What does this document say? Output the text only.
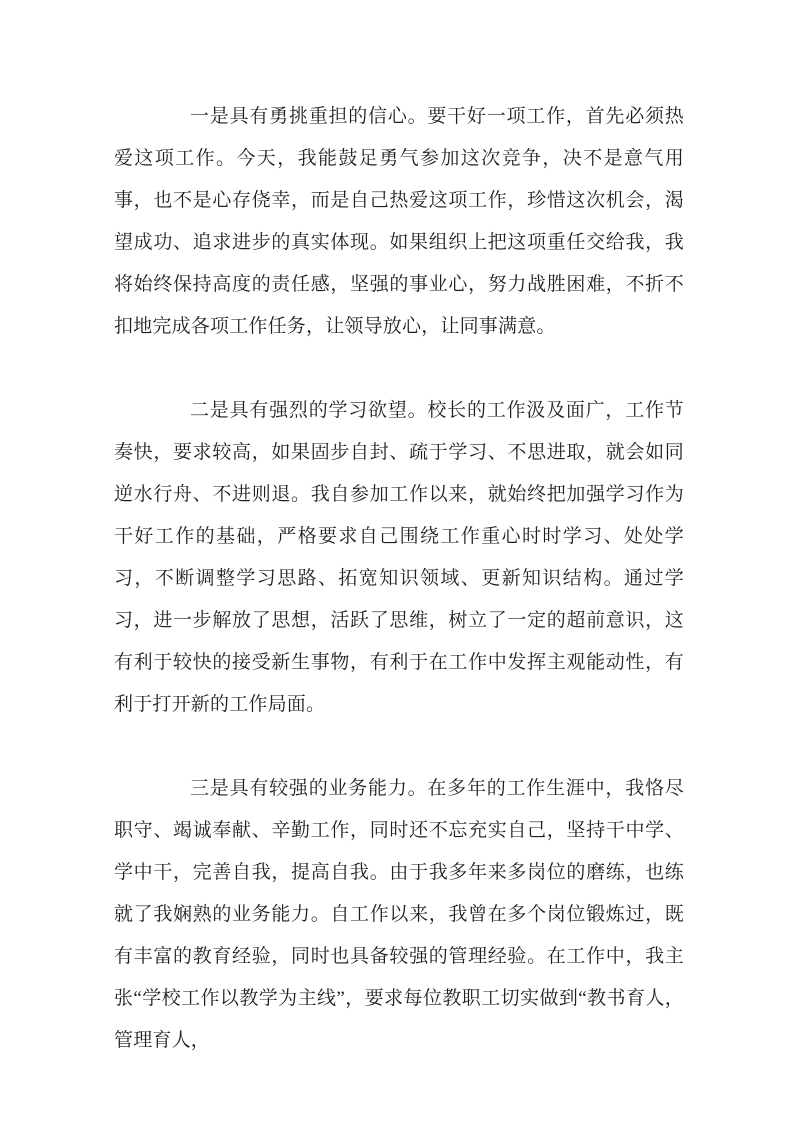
一是具有勇挑重担的信心。要干好一项工作，首先必须热爱这项工作。今天，我能鼓足勇气参加这次竞争，决不是意气用事，也不是心存侥幸，而是自己热爱这项工作，珍惜这次机会，渴望成功、追求进步的真实体现。如果组织上把这项重任交给我，我将始终保持高度的责任感，坚强的事业心，努力战胜困难，不折不扣地完成各项工作任务，让领导放心，让同事满意。

二是具有强烈的学习欲望。校长的工作汲及面广，工作节奏快，要求较高，如果固步自封、疏于学习、不思进取，就会如同逆水行舟、不进则退。我自参加工作以来，就始终把加强学习作为干好工作的基础，严格要求自己围绕工作重心时时学习、处处学习，不断调整学习思路、拓宽知识领域、更新知识结构。通过学习，进一步解放了思想，活跃了思维，树立了一定的超前意识，这有利于较快的接受新生事物，有利于在工作中发挥主观能动性，有利于打开新的工作局面。

三是具有较强的业务能力。在多年的工作生涯中，我恪尽职守、竭诚奉献、辛勤工作，同时还不忘充实自己，坚持干中学、学中干，完善自我，提高自我。由于我多年来多岗位的磨练，也练就了我娴熟的业务能力。自工作以来，我曾在多个岗位锻炼过，既有丰富的教育经验，同时也具备较强的管理经验。在工作中，我主张“学校工作以教学为主线”，要求每位教职工切实做到“教书育人，管理育人，
